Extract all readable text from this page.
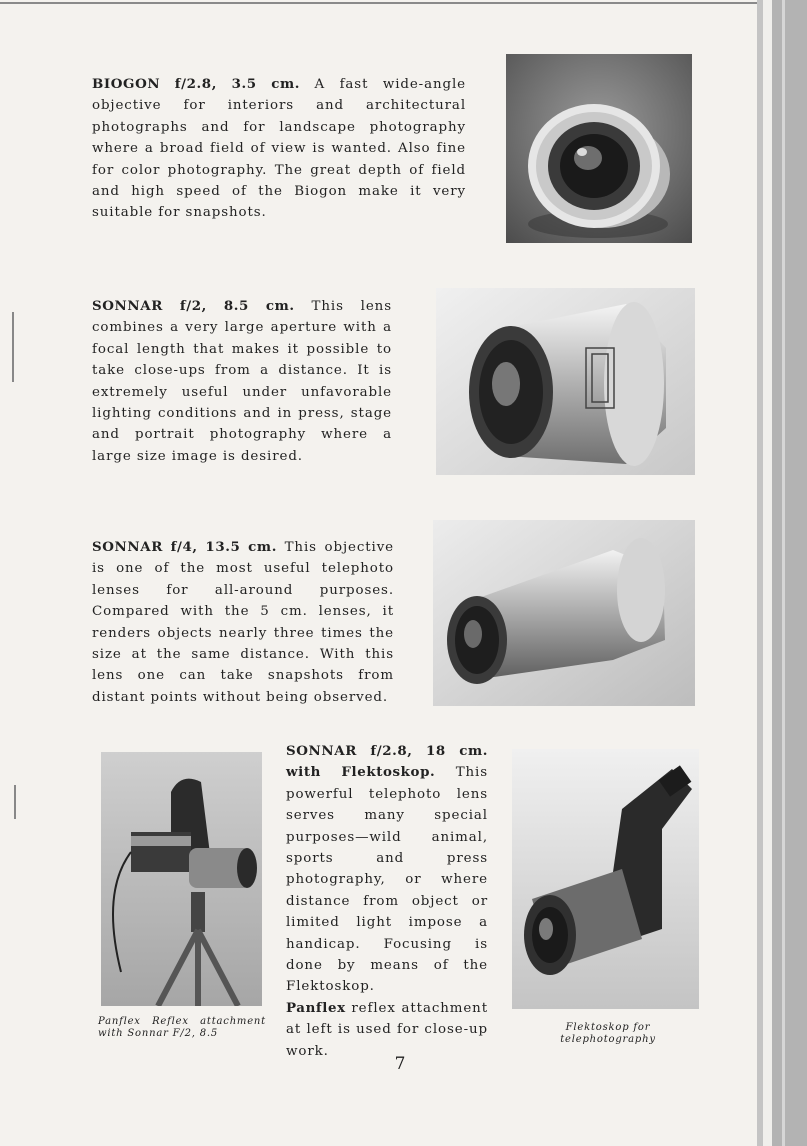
BIOGON f/2.8, 3.5 cm. A fast wide-angle objective for interiors and architectural photographs and for landscape photography where a broad field of view is wanted. Also fine for color photography. The great depth of field and high speed of the Biogon make it very suitable for snapshots.

SONNAR f/2, 8.5 cm. This lens combines a very large aperture with a focal length that makes it possible to take close-ups from a distance. It is extremely useful under unfavorable lighting conditions and in press, stage and portrait photography where a large size image is desired.

SONNAR f/4, 13.5 cm. This objective is one of the most useful telephoto lenses for all-around purposes. Compared with the 5 cm. lenses, it renders objects nearly three times the size at the same distance. With this lens one can take snapshots from distant points without being observed.

Panflex Reflex attachment with Sonnar F/2, 8.5

SONNAR f/2.8, 18 cm. with Flektoskop. This powerful telephoto lens serves many special purposes—wild animal, sports and press photography, or where distance from object or limited light impose a handicap. Focusing is done by means of the Flektoskop.
Panflex reflex attachment at left is used for close-up work.

Flektoskop for telephotography

7
